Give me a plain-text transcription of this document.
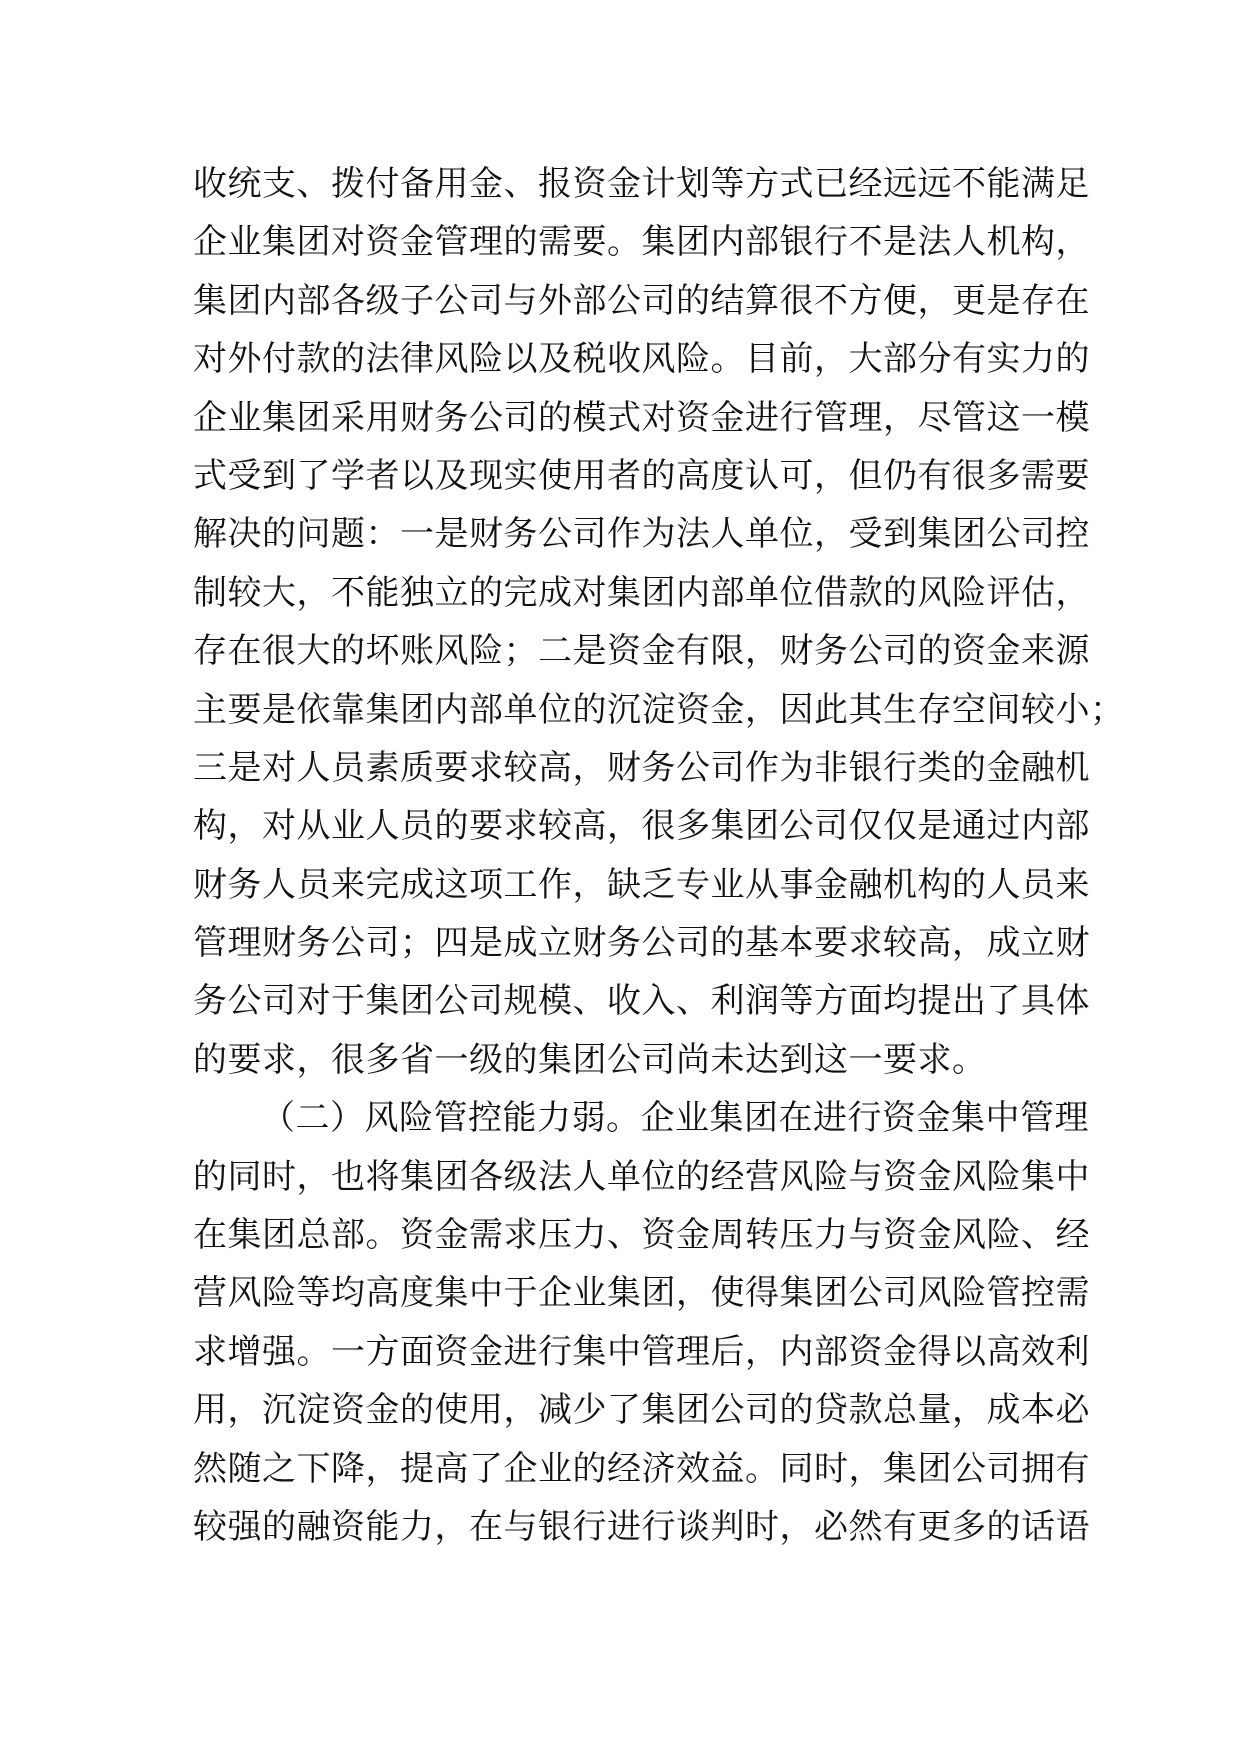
收统支、拨付备用金、报资金计划等方式已经远远不能满足
企业集团对资金管理的需要。集团内部银行不是法人机构，
集团内部各级子公司与外部公司的结算很不方便，更是存在
对外付款的法律风险以及税收风险。目前，大部分有实力的
企业集团采用财务公司的模式对资金进行管理，尽管这一模
式受到了学者以及现实使用者的高度认可，但仍有很多需要
解决的问题：一是财务公司作为法人单位，受到集团公司控
制较大，不能独立的完成对集团内部单位借款的风险评估，
存在很大的坏账风险；二是资金有限，财务公司的资金来源
主要是依靠集团内部单位的沉淀资金，因此其生存空间较小；
三是对人员素质要求较高，财务公司作为非银行类的金融机
构，对从业人员的要求较高，很多集团公司仅仅是通过内部
财务人员来完成这项工作，缺乏专业从事金融机构的人员来
管理财务公司；四是成立财务公司的基本要求较高，成立财
务公司对于集团公司规模、收入、利润等方面均提出了具体
的要求，很多省一级的集团公司尚未达到这一要求。
（二）风险管控能力弱。企业集团在进行资金集中管理
的同时，也将集团各级法人单位的经营风险与资金风险集中
在集团总部。资金需求压力、资金周转压力与资金风险、经
营风险等均高度集中于企业集团，使得集团公司风险管控需
求增强。一方面资金进行集中管理后，内部资金得以高效利
用，沉淀资金的使用，减少了集团公司的贷款总量，成本必
然随之下降，提高了企业的经济效益。同时，集团公司拥有
较强的融资能力，在与银行进行谈判时，必然有更多的话语
